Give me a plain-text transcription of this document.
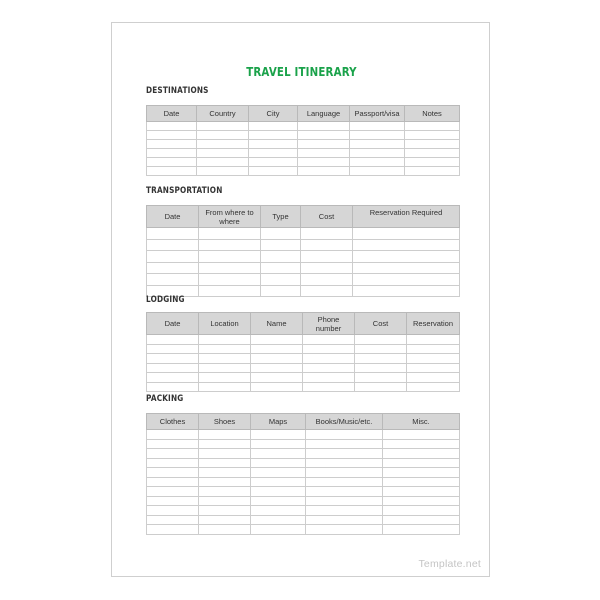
TRAVEL ITINERARY
DESTINATIONS
Date	Country	City	Language	Passport/visa	Notes

TRANSPORTATION
Date	From where to where	Type	Cost	Reservation Required

LODGING
Date	Location	Name	Phone number	Cost	Reservation

PACKING
Clothes	Shoes	Maps	Books/Music/etc.	Misc.

Template.net
